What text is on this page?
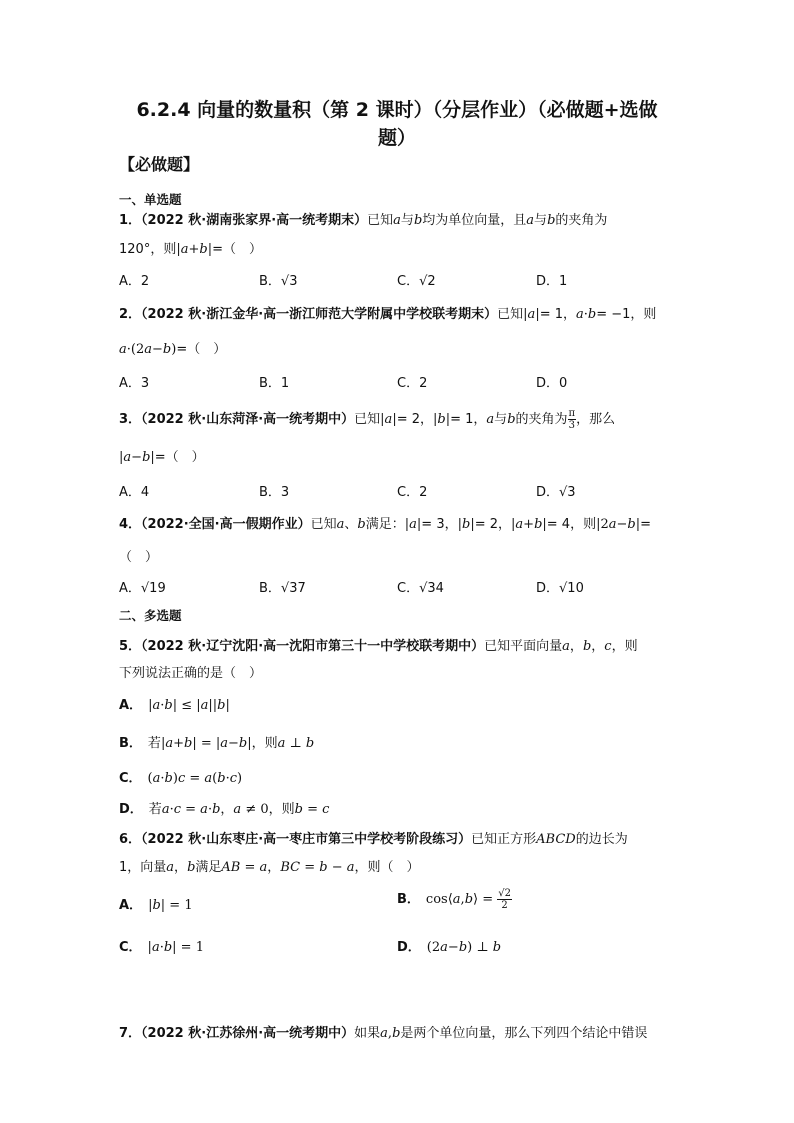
6.2.4 向量的数量积（第 2 课时）（分层作业）（必做题+选做
题）
【必做题】
一、单选题
1．（2022 秋·湖南张家界·高一统考期末）已知a与b均为单位向量，且a与b的夹角为
120°，则|a+b|=（　）
A．2	B．√3	C．√2	D．1
2．（2022 秋·浙江金华·高一浙江师范大学附属中学校联考期末）已知|a|= 1，a·b= −1，则
a·(2a−b)=（　）
A．3	B．1	C．2	D．0
3．（2022 秋·山东菏泽·高一统考期中）已知|a|= 2，|b|= 1，a与b的夹角为 $\frac{\pi}{3}$ ，那么
|a−b|=（　）
A．4	B．3	C．2	D．√3
4．（2022·全国·高一假期作业）已知a、b满足：|a|= 3，|b|= 2，|a+b|= 4，则|2a−b|=
（　）
A．√19	B．√37	C．√34	D．√10
二、多选题
5．（2022 秋·辽宁沈阳·高一沈阳市第三十一中学校联考期中）已知平面向量a，b，c，则
下列说法正确的是（　）
A． |a·b| ≤ |a||b|
B． 若|a+b| = |a−b|，则a ⊥ b
C． (a·b)c = a(b·c)
D． 若a·c = a·b，a ≠ 0，则b = c
6．（2022 秋·山东枣庄·高一枣庄市第三中学校考阶段练习）已知正方形ABCD的边长为
1，向量a，b满足AB = a，BC = b − a，则（　）
A． |b| = 1	B． cos⟨a,b⟩ = $\frac{√2}{2}$
C． |a·b| = 1	D． (2a−b) ⊥ b
7．（2022 秋·江苏徐州·高一统考期中）如果a,b是两个单位向量，那么下列四个结论中错误
